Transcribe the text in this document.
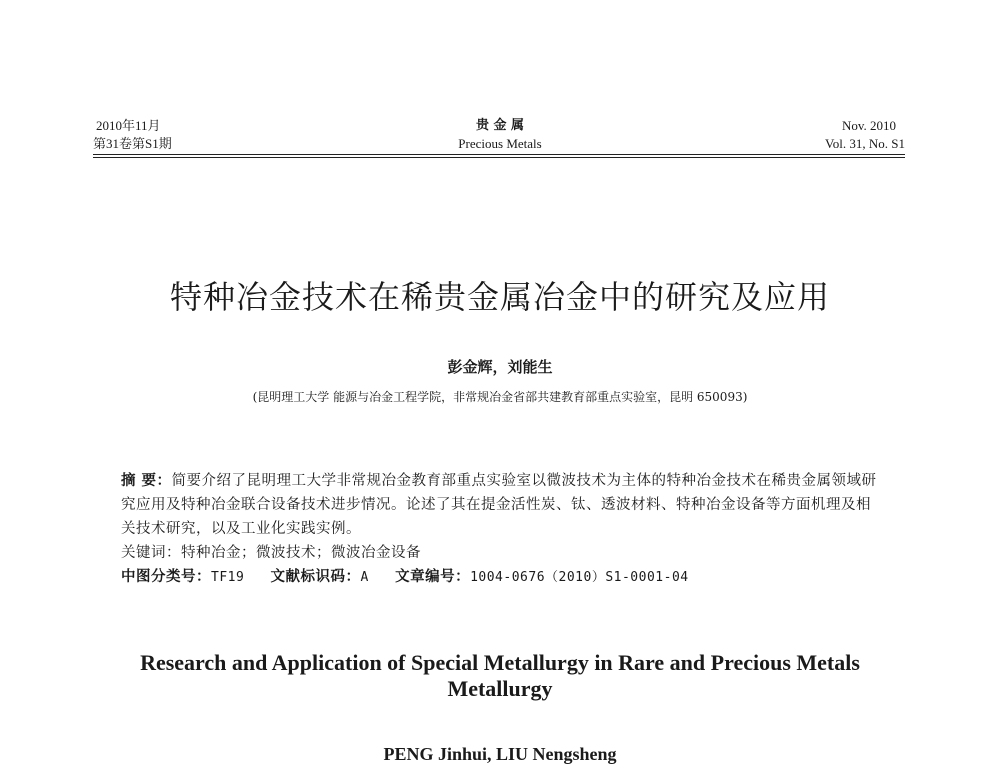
2010年11月
第31卷第S1期
贵 金 属
Precious Metals
Nov. 2010
Vol. 31, No. S1
特种冶金技术在稀贵金属冶金中的研究及应用
彭金辉，刘能生
(昆明理工大学 能源与冶金工程学院，非常规冶金省部共建教育部重点实验室，昆明 650093)
摘 要：简要介绍了昆明理工大学非常规冶金教育部重点实验室以微波技术为主体的特种冶金技术在稀贵金属领域研究应用及特种冶金联合设备技术进步情况。论述了其在提金活性炭、钛、透波材料、特种冶金设备等方面机理及相关技术研究，以及工业化实践实例。
关键词：特种冶金；微波技术；微波冶金设备
中图分类号：TF19 文献标识码：A 文章编号：1004-0676（2010）S1-0001-04
Research and Application of Special Metallurgy in Rare and Precious Metals Metallurgy
PENG Jinhui, LIU Nengsheng
